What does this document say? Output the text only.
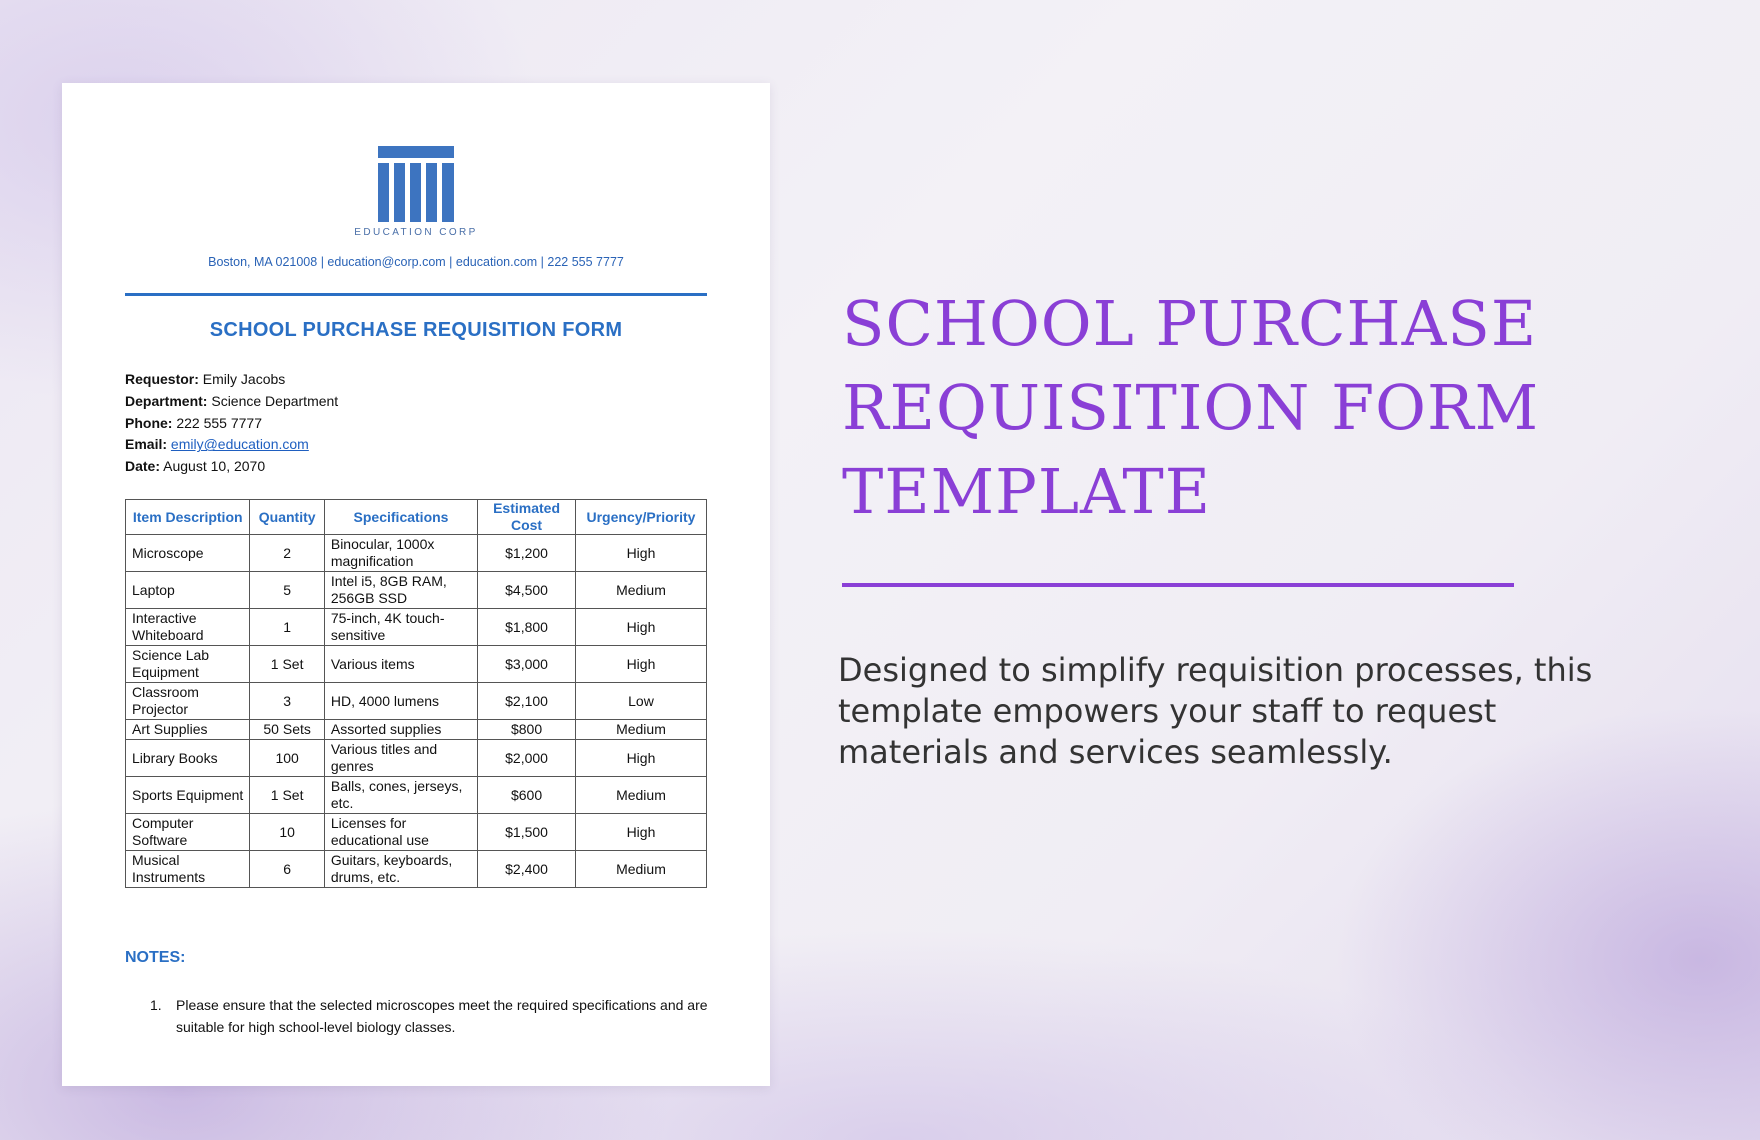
EDUCATION CORP
Boston, MA 021008 | education@corp.com | education.com | 222 555 7777
SCHOOL PURCHASE REQUISITION FORM
Requestor: Emily Jacobs
Department: Science Department
Phone: 222 555 7777
Email: emily@education.com
Date: August 10, 2070
Item Description	Quantity	Specifications	Estimated Cost	Urgency/Priority
Microscope	2	Binocular, 1000x magnification	$1,200	High
Laptop	5	Intel i5, 8GB RAM, 256GB SSD	$4,500	Medium
Interactive Whiteboard	1	75-inch, 4K touch-sensitive	$1,800	High
Science Lab Equipment	1 Set	Various items	$3,000	High
Classroom Projector	3	HD, 4000 lumens	$2,100	Low
Art Supplies	50 Sets	Assorted supplies	$800	Medium
Library Books	100	Various titles and genres	$2,000	High
Sports Equipment	1 Set	Balls, cones, jerseys, etc.	$600	Medium
Computer Software	10	Licenses for educational use	$1,500	High
Musical Instruments	6	Guitars, keyboards, drums, etc.	$2,400	Medium
NOTES:
1. Please ensure that the selected microscopes meet the required specifications and are suitable for high school-level biology classes.
SCHOOL PURCHASE REQUISITION FORM TEMPLATE
Designed to simplify requisition processes, this template empowers your staff to request materials and services seamlessly.
